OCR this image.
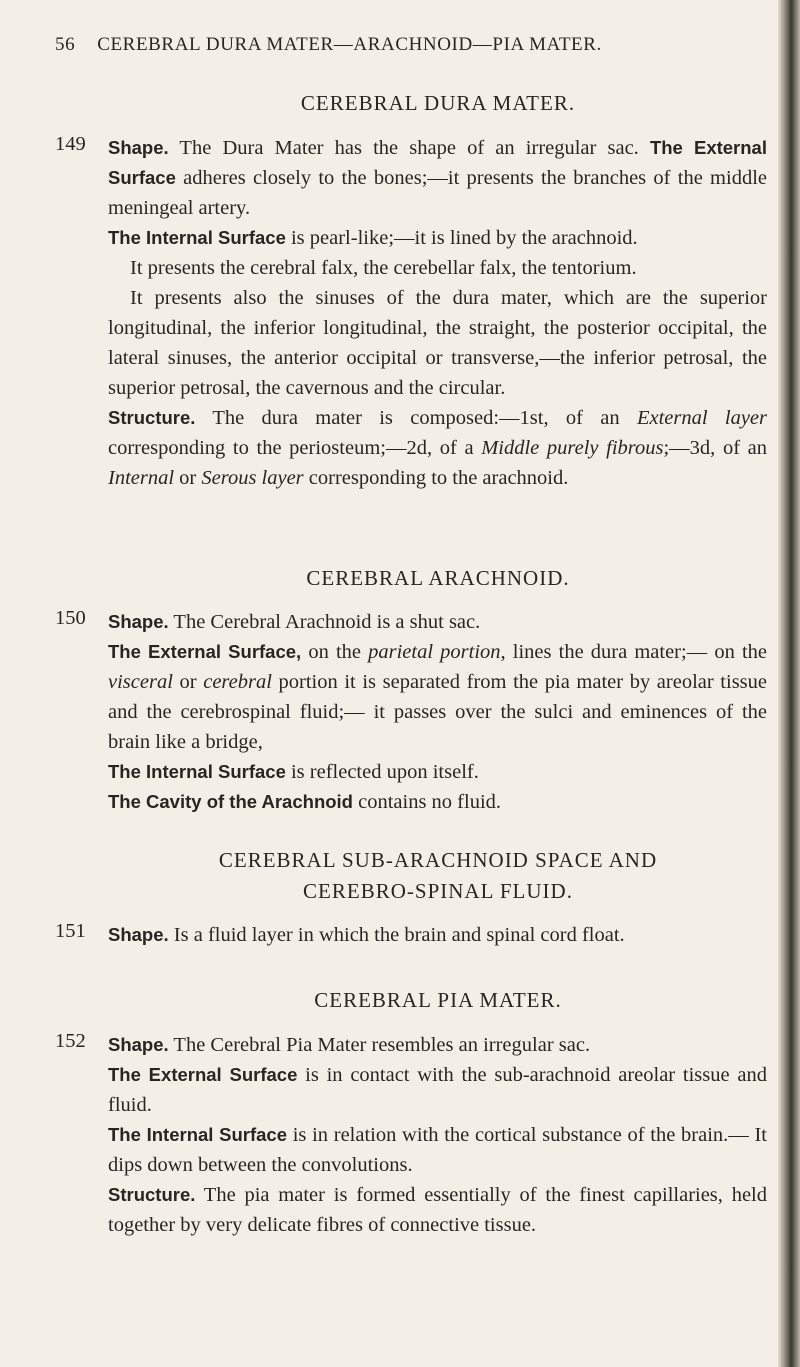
56 CEREBRAL DURA MATER—ARACHNOID—PIA MATER.
CEREBRAL DURA MATER.
149 Shape. The Dura Mater has the shape of an irregular sac. The External Surface adheres closely to the bones;—it presents the branches of the middle meningeal artery.

The Internal Surface is pearl-like;—it is lined by the arachnoid.

It presents the cerebral falx, the cerebellar falx, the tentorium.

It presents also the sinuses of the dura mater, which are the superior longitudinal, the inferior longitudinal, the straight, the posterior occipital, the lateral sinuses, the anterior occipital or transverse,—the inferior petrosal, the superior petrosal, the cavernous and the circular.

Structure. The dura mater is composed:—1st, of an External layer corresponding to the periosteum;—2d, of a Middle purely fibrous;—3d, of an Internal or Serous layer corresponding to the arachnoid.

CEREBRAL ARACHNOID.
150 Shape. The Cerebral Arachnoid is a shut sac.

The External Surface, on the parietal portion, lines the dura mater;— on the visceral or cerebral portion it is separated from the pia mater by areolar tissue and the cerebrospinal fluid;— it passes over the sulci and eminences of the brain like a bridge,

The Internal Surface is reflected upon itself.

The Cavity of the Arachnoid contains no fluid.

CEREBRAL SUB-ARACHNOID SPACE AND
CEREBRO-SPINAL FLUID.
151 Shape. Is a fluid layer in which the brain and spinal cord float.

CEREBRAL PIA MATER.
152 Shape. The Cerebral Pia Mater resembles an irregular sac.

The External Surface is in contact with the sub-arachnoid areolar tissue and fluid.

The Internal Surface is in relation with the cortical substance of the brain.— It dips down between the convolutions.

Structure. The pia mater is formed essentially of the finest capillaries, held together by very delicate fibres of connective tissue.
